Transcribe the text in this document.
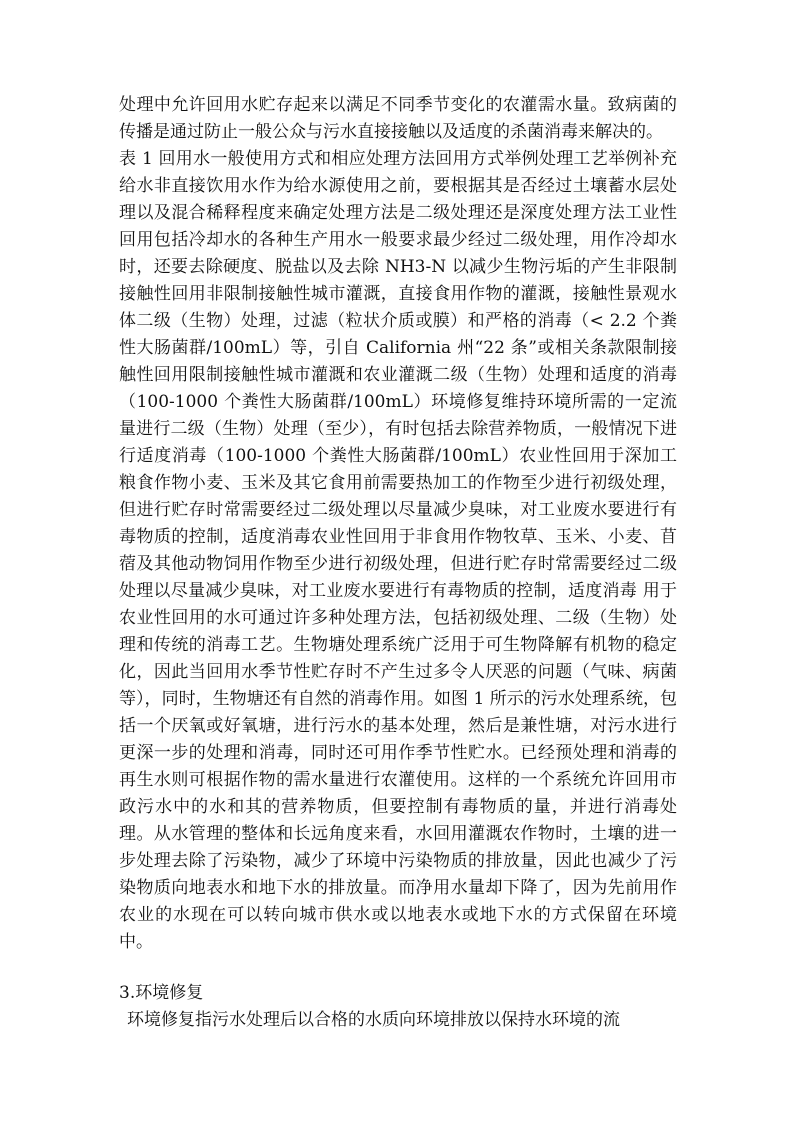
处理中允许回用水贮存起来以满足不同季节变化的农灌需水量。致病菌的传播是通过防止一般公众与污水直接接触以及适度的杀菌消毒来解决的。

表 1 回用水一般使用方式和相应处理方法回用方式举例处理工艺举例补充给水非直接饮用水作为给水源使用之前，要根据其是否经过土壤蓄水层处理以及混合稀释程度来确定处理方法是二级处理还是深度处理方法工业性回用包括冷却水的各种生产用水一般要求最少经过二级处理，用作冷却水时，还要去除硬度、脱盐以及去除 NH3-N 以减少生物污垢的产生非限制接触性回用非限制接触性城市灌溉，直接食用作物的灌溉，接触性景观水体二级（生物）处理，过滤（粒状介质或膜）和严格的消毒（< 2.2 个粪性大肠菌群/100mL）等，引自 California 州“22 条”或相关条款限制接触性回用限制接触性城市灌溉和农业灌溉二级（生物）处理和适度的消毒（100-1000 个粪性大肠菌群/100mL）环境修复维持环境所需的一定流量进行二级（生物）处理（至少），有时包括去除营养物质，一般情况下进行适度消毒（100-1000 个粪性大肠菌群/100mL）农业性回用于深加工粮食作物小麦、玉米及其它食用前需要热加工的作物至少进行初级处理，但进行贮存时常需要经过二级处理以尽量减少臭味，对工业废水要进行有毒物质的控制，适度消毒农业性回用于非食用作物牧草、玉米、小麦、苜蓿及其他动物饲用作物至少进行初级处理，但进行贮存时常需要经过二级处理以尽量减少臭味，对工业废水要进行有毒物质的控制，适度消毒 用于农业性回用的水可通过许多种处理方法，包括初级处理、二级（生物）处理和传统的消毒工艺。生物塘处理系统广泛用于可生物降解有机物的稳定化，因此当回用水季节性贮存时不产生过多令人厌恶的问题（气味、病菌等），同时，生物塘还有自然的消毒作用。如图 1 所示的污水处理系统，包括一个厌氧或好氧塘，进行污水的基本处理，然后是兼性塘，对污水进行更深一步的处理和消毒，同时还可用作季节性贮水。已经预处理和消毒的再生水则可根据作物的需水量进行农灌使用。这样的一个系统允许回用市政污水中的水和其的营养物质，但要控制有毒物质的量，并进行消毒处理。从水管理的整体和长远角度来看，水回用灌溉农作物时，土壤的进一步处理去除了污染物，减少了环境中污染物质的排放量，因此也减少了污染物质向地表水和地下水的排放量。而净用水量却下降了，因为先前用作农业的水现在可以转向城市供水或以地表水或地下水的方式保留在环境中。

3.环境修复

环境修复指污水处理后以合格的水质向环境排放以保持水环境的流
